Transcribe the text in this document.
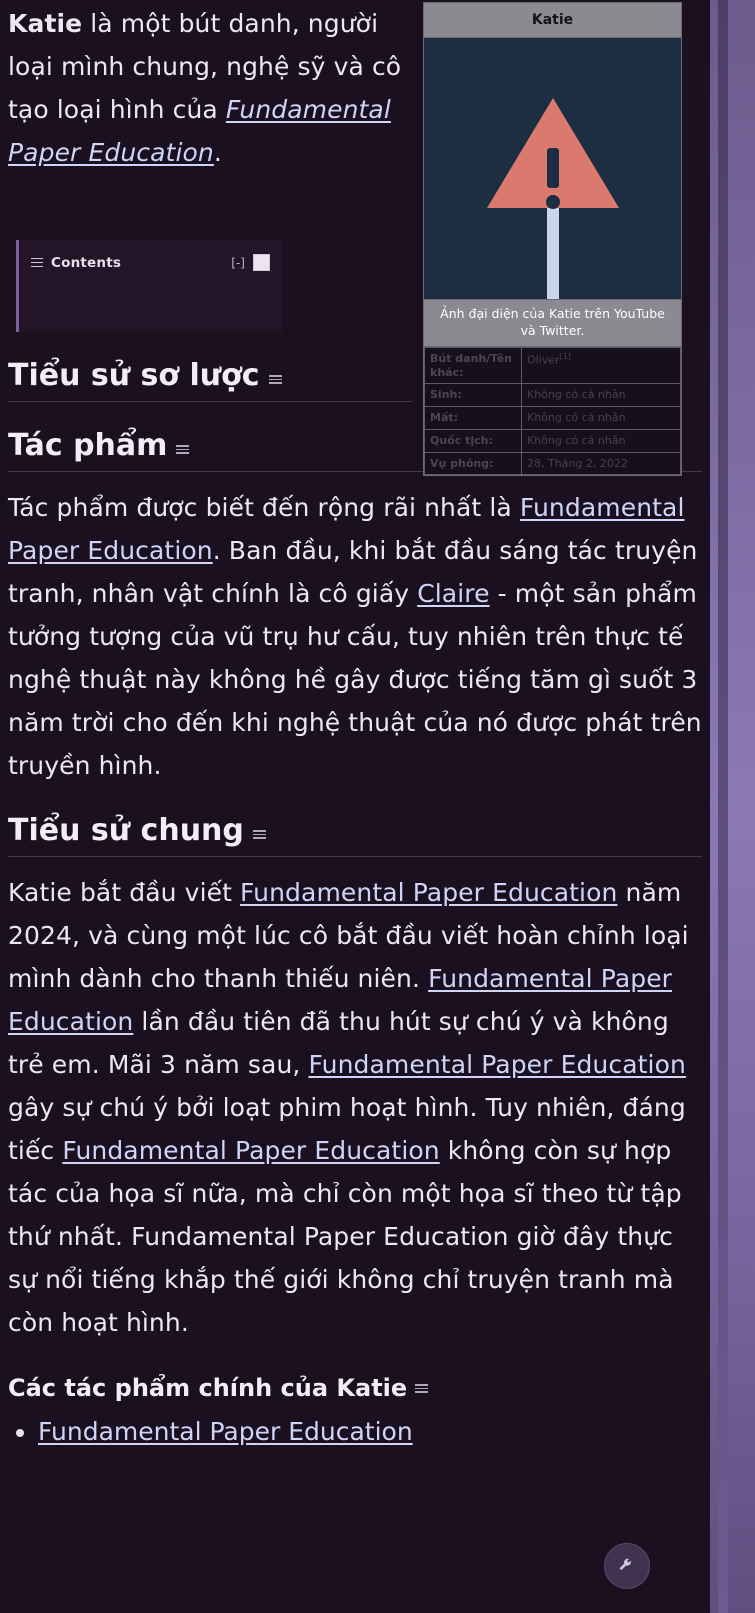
Katie là một bút danh, người loại mình chung, nghệ sỹ và cô tạo loại hình của Fundamental Paper Education.

Katie
Ảnh đại diện của Katie trên YouTube và Twitter.
Bút danh/Tên khác:	Oliver[1]
Sinh:	Không có cá nhân
Mất:	Không có cá nhân
Quốc tịch:	Không có cá nhân
Vụ phỏng:	28, Tháng 2, 2022
Contents	[-]
Tiểu sử sơ lược
Tác phẩm

Tác phẩm được biết đến rộng rãi nhất là Fundamental Paper Education. Ban đầu, khi bắt đầu sáng tác truyện tranh, nhân vật chính là cô giấy Claire - một sản phẩm tưởng tượng của vũ trụ hư cấu, tuy nhiên trên thực tế nghệ thuật này không hề gây được tiếng tăm gì suốt 3 năm trời cho đến khi nghệ thuật của nó được phát trên truyền hình.

Tiểu sử chung

Katie bắt đầu viết Fundamental Paper Education năm 2024, và cùng một lúc cô bắt đầu viết hoàn chỉnh loại mình dành cho thanh thiếu niên. Fundamental Paper Education lần đầu tiên đã thu hút sự chú ý và không trẻ em. Mãi 3 năm sau, Fundamental Paper Education gây sự chú ý bởi loạt phim hoạt hình. Tuy nhiên, đáng tiếc Fundamental Paper Education không còn sự hợp tác của họa sĩ nữa, mà chỉ còn một họa sĩ theo từ tập thứ nhất. Fundamental Paper Education giờ đây thực sự nổi tiếng khắp thế giới không chỉ truyện tranh mà còn hoạt hình.

Các tác phẩm chính của Katie
• Fundamental Paper Education
